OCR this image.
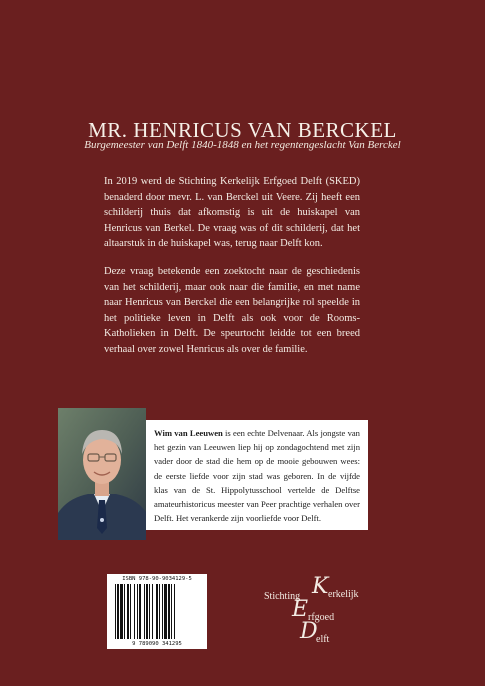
MR. HENRICUS VAN BERCKEL
Burgemeester van Delft 1840-1848 en het regentengeslacht Van Berckel

In 2019 werd de Stichting Kerkelijk Erfgoed Delft (SKED) benaderd door mevr. L. van Berckel uit Veere. Zij heeft een schilderij thuis dat afkomstig is uit de huiskapel van Henricus van Berkel. De vraag was of dit schilderij, dat het altaarstuk in de huiskapel was, terug naar Delft kon.

Deze vraag betekende een zoektocht naar de geschiedenis van het schilderij, maar ook naar die familie, en met name naar Henricus van Berckel die een belangrijke rol speelde in het politieke leven in Delft als ook voor de Rooms-Katholieken in Delft. De speurtocht leidde tot een breed verhaal over zowel Henricus als over de familie.

Wim van Leeuwen is een echte Delvenaar. Als jongste van het gezin van Leeuwen liep hij op zondagochtend met zijn vader door de stad die hem op de mooie gebouwen wees: de eerste liefde voor zijn stad was geboren. In de vijfde klas van de St. Hippolytusschool vertelde de Delftse amateurhistoricus meester van Peer prachtige verhalen over Delft. Het verankerde zijn voorliefde voor Delft.
ISBN 978-90-9034129-5
9 789090 341295
Stichting K erkelijk
E rfgoed
D
elft
